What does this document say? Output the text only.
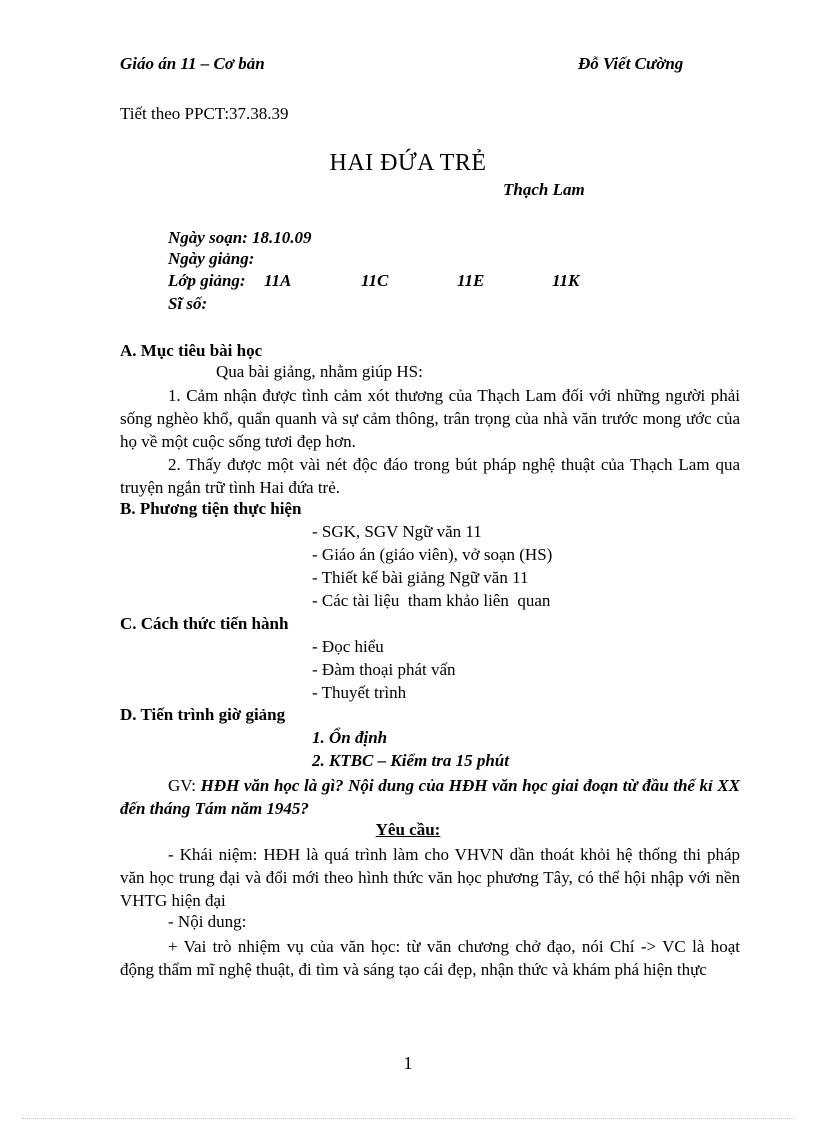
Giáo án 11 – Cơ bản	Đỗ Viết Cường
Tiết theo PPCT:37.38.39
HAI ĐỨA TRẺ
Thạch Lam
Ngày soạn: 18.10.09
Ngày giảng:
Lớp giảng: 11A	11C	11E	11K
Sĩ số:
A. Mục tiêu bài học
Qua bài giảng, nhằm giúp HS:
1. Cảm nhận được tình cảm xót thương của Thạch Lam đối với những người phải sống nghèo khổ, quẩn quanh và sự cảm thông, trân trọng của nhà văn trước mong ước của họ về một cuộc sống tươi đẹp hơn.
2. Thấy được một vài nét độc đáo trong bút pháp nghệ thuật của Thạch Lam qua truyện ngắn trữ tình Hai đứa trẻ.
B. Phương tiện thực hiện
- SGK, SGV Ngữ văn 11
- Giáo án (giáo viên), vở soạn (HS)
- Thiết kế bài giảng Ngữ văn 11
- Các tài liệu  tham khảo liên  quan
C. Cách thức tiến hành
- Đọc hiểu
- Đàm thoại phát vấn
- Thuyết trình
D. Tiến trình giờ giảng
1. Ổn định
2. KTBC – Kiểm tra 15 phút
GV: HĐH văn học là gì? Nội dung của HĐH văn học giai đoạn từ đầu thế kỉ XX đến tháng Tám năm 1945?
Yêu cầu:
- Khái niệm: HĐH là quá trình làm cho VHVN dần thoát khỏi hệ thống thi pháp văn học trung đại và đổi mới theo hình thức văn học phương Tây, có thể hội nhập với nền VHTG hiện đại
- Nội dung:
+ Vai trò nhiệm vụ của văn học: từ văn chương chở đạo, nói Chí -> VC là hoạt động thẩm mĩ nghệ thuật, đi tìm và sáng tạo cái đẹp, nhận thức và khám phá hiện thực
1
